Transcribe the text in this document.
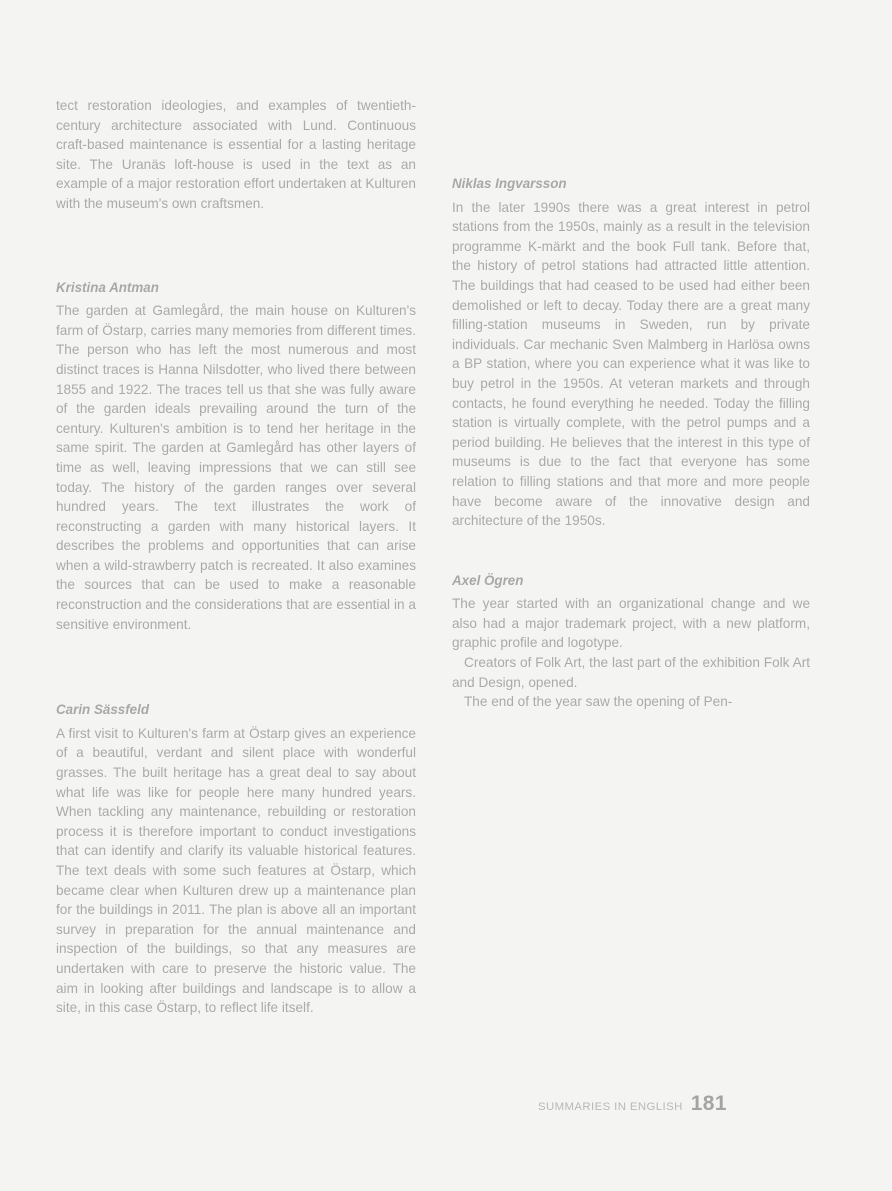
tect restoration ideologies, and examples of twentieth-century architecture associated with Lund. Continuous craft-based maintenance is essential for a lasting heritage site. The Uranäs loft-house is used in the text as an example of a major restoration effort undertaken at Kulturen with the museum's own craftsmen.

Kristina Antman

The garden at Gamlegård, the main house on Kulturen's farm of Östarp, carries many memories from different times. The person who has left the most numerous and most distinct traces is Hanna Nilsdotter, who lived there between 1855 and 1922. The traces tell us that she was fully aware of the garden ideals prevailing around the turn of the century. Kulturen's ambition is to tend her heritage in the same spirit. The garden at Gamlegård has other layers of time as well, leaving impressions that we can still see today. The history of the garden ranges over several hundred years. The text illustrates the work of reconstructing a garden with many historical layers. It describes the problems and opportunities that can arise when a wild-strawberry patch is recreated. It also examines the sources that can be used to make a reasonable reconstruction and the considerations that are essential in a sensitive environment.

Carin Sässfeld

A first visit to Kulturen's farm at Östarp gives an experience of a beautiful, verdant and silent place with wonderful grasses. The built heritage has a great deal to say about what life was like for people here many hundred years. When tackling any maintenance, rebuilding or restoration process it is therefore important to conduct investigations that can identify and clarify its valuable historical features. The text deals with some such features at Östarp, which became clear when Kulturen drew up a maintenance plan for the buildings in 2011. The plan is above all an important survey in preparation for the annual maintenance and inspection of the buildings, so that any measures are undertaken with care to preserve the historic value. The aim in looking after buildings and landscape is to allow a site, in this case Östarp, to reflect life itself.

Niklas Ingvarsson

In the later 1990s there was a great interest in petrol stations from the 1950s, mainly as a result in the television programme K-märkt and the book Full tank. Before that, the history of petrol stations had attracted little attention. The buildings that had ceased to be used had either been demolished or left to decay. Today there are a great many filling-station museums in Sweden, run by private individuals. Car mechanic Sven Malmberg in Harlösa owns a BP station, where you can experience what it was like to buy petrol in the 1950s. At veteran markets and through contacts, he found everything he needed. Today the filling station is virtually complete, with the petrol pumps and a period building. He believes that the interest in this type of museums is due to the fact that everyone has some relation to filling stations and that more and more people have become aware of the innovative design and architecture of the 1950s.

Axel Ögren

The year started with an organizational change and we also had a major trademark project, with a new platform, graphic profile and logotype.

Creators of Folk Art, the last part of the exhibition Folk Art and Design, opened.

The end of the year saw the opening of Pen-

SUMMARIES IN ENGLISH 181
